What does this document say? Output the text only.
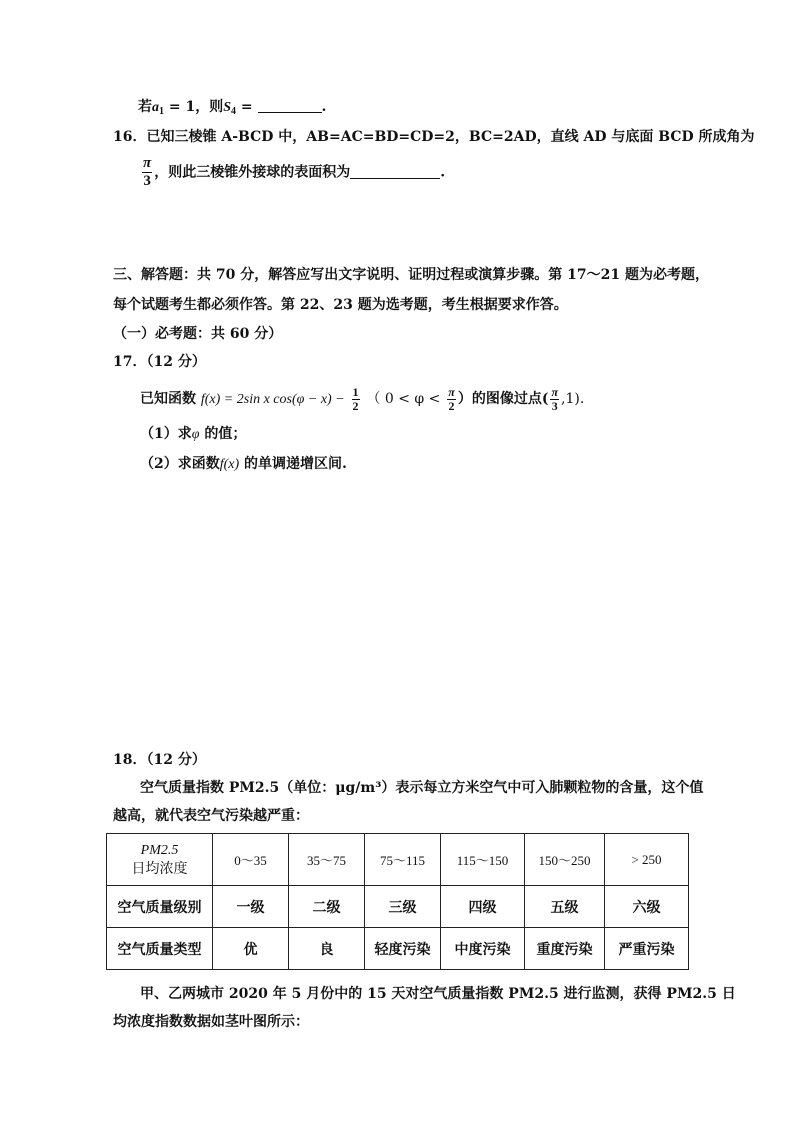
若$a_1 = 1$，则$S_4$ =	.
16．已知三棱锥 A-BCD 中，AB=AC=BD=CD=2，BC=2AD，直线 AD 与底面 BCD 所成角为
$\frac{\pi}{3}$ ，则此三棱锥外接球的表面积为	.
三、解答题：共 70 分，解答应写出文字说明、证明过程或演算步骤。第 17～21 题为必考题，
每个试题考生都必须作答。第 22、23 题为选考题，考生根据要求作答。
（一）必考题：共 60 分）
17．（12 分）
已知函数 f(x) = 2sin x $\cos(\varphi - x) - \frac{1}{2}$ （ $0 < \varphi < \frac{\pi}{2}$ ）的图像过点( $\frac{\pi}{3} ,1$).
（1）求φ 的值；
（2）求函数f(x) 的单调递增区间.
18．（12 分）
空气质量指数 PM2.5（单位：μg/m³）表示每立方米空气中可入肺颗粒物的含量，这个值
越高，就代表空气污染越严重：
PM2.5
日均浓度	0～35	35～75	75～115	115～150	150～250	> 250
空气质量级别	一级	二级	三级	四级	五级	六级
空气质量类型	优	良	轻度污染	中度污染	重度污染	严重污染
甲、乙两城市 2020 年 5 月份中的 15 天对空气质量指数 PM2.5 进行监测，获得 PM2.5 日
均浓度指数数据如茎叶图所示：
